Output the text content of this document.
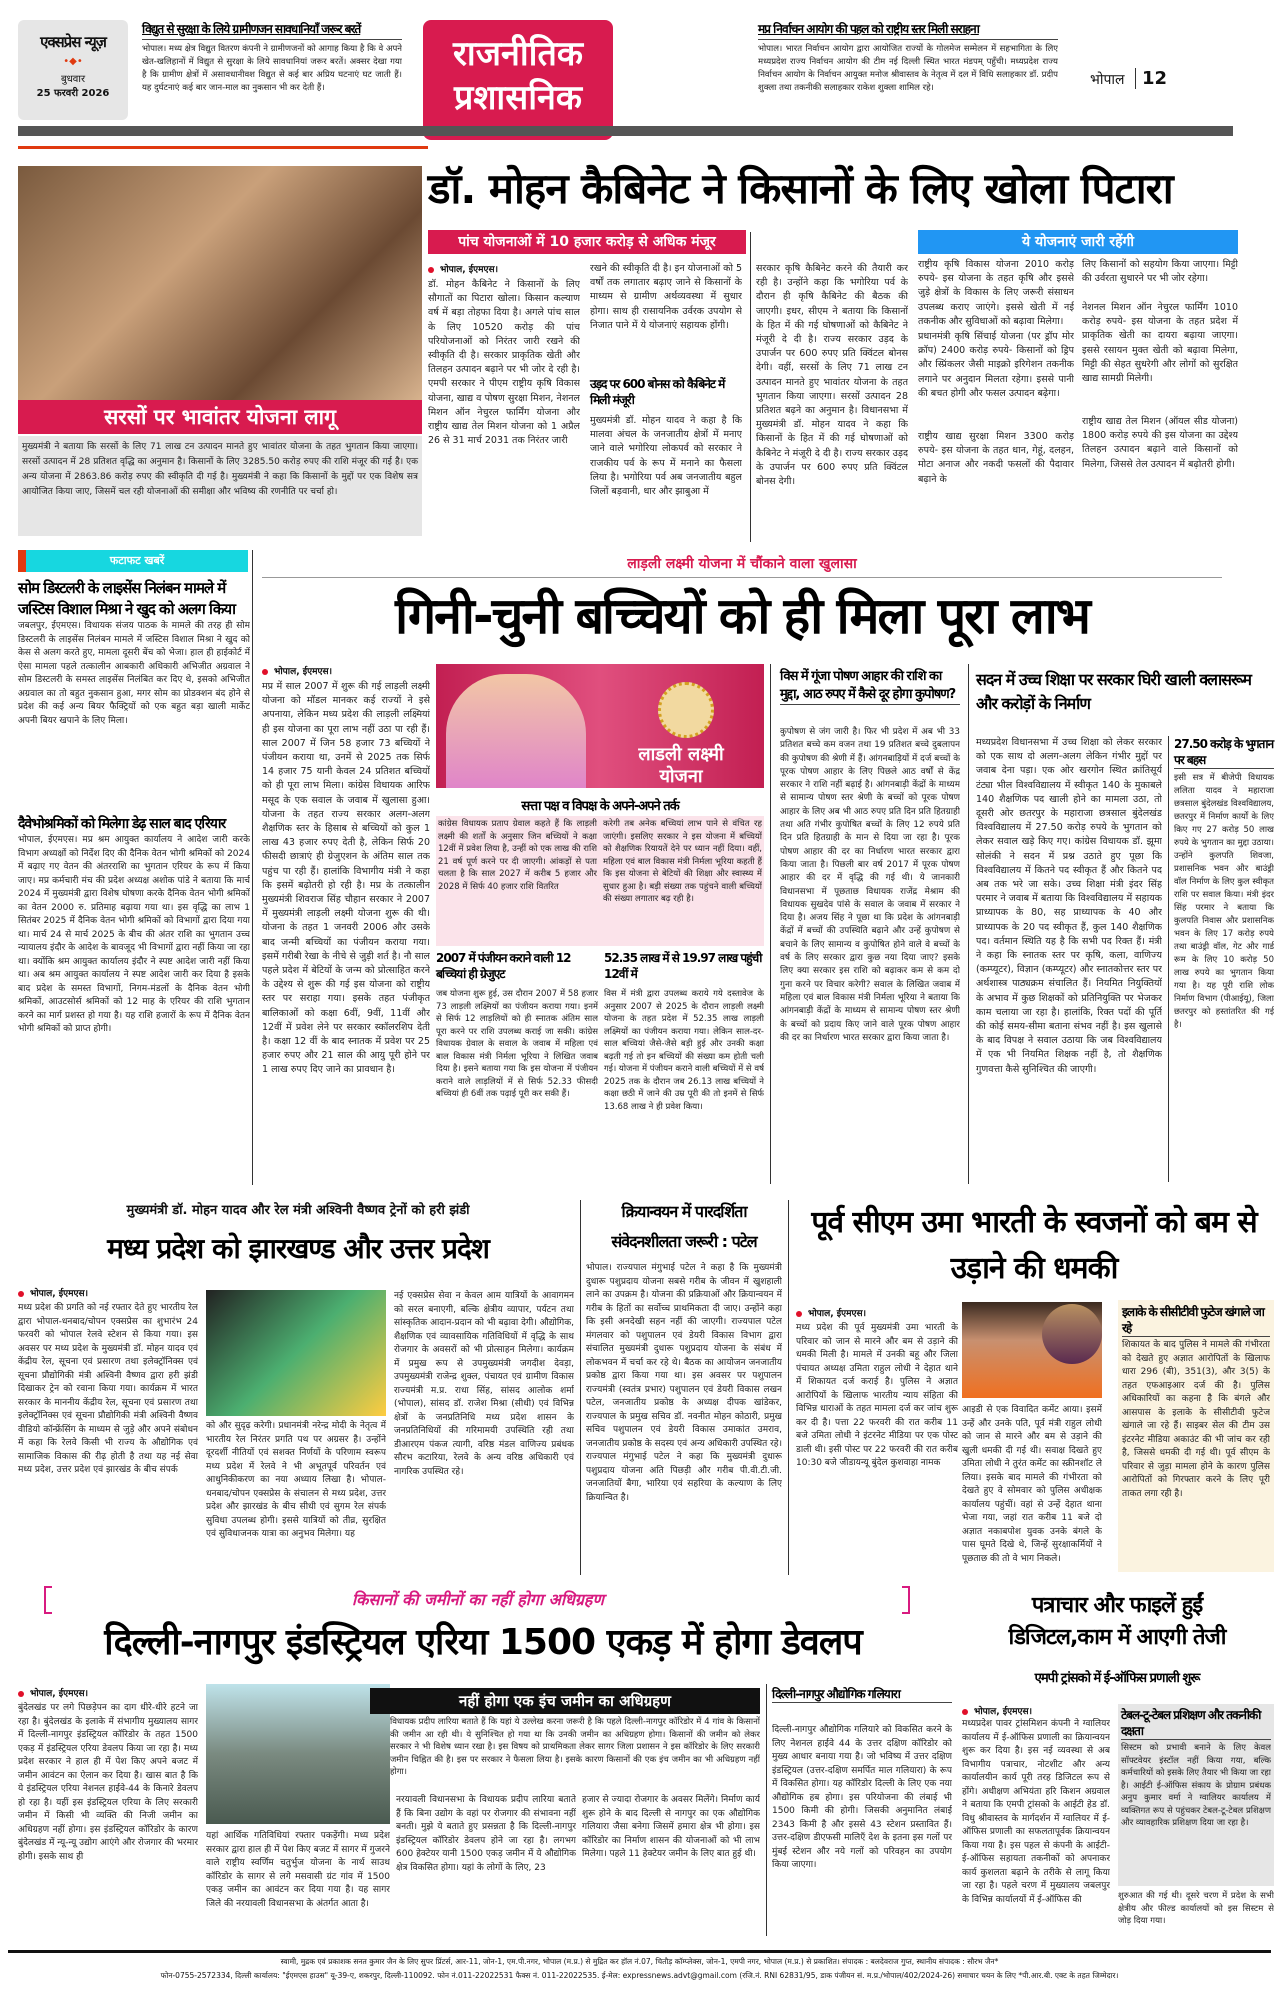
एक्सप्रेस न्यूज़
•◆•
बुधवार
25 फरवरी 2026
विद्युत से सुरक्षा के लिये ग्रामीणजन सावधानियाँ जरूर बरतें
भोपाल। मध्य क्षेत्र विद्युत वितरण कंपनी ने ग्रामीणजनों को आगाह किया है कि वे अपने खेत-खलिहानों में विद्युत से सुरक्षा के लिये सावधानियां जरूर बरतें। अक्सर देखा गया है कि ग्रामीण क्षेत्रों में असावधानीवश विद्युत से कई बार अप्रिय घटनाएं घट जाती हैं। यह दुर्घटनाएं कई बार जान-माल का नुकसान भी कर देती हैं।
राजनीतिक
प्रशासनिक
मप्र निर्वाचन आयोग की पहल को राष्ट्रीय स्तर मिली सराहना
भोपाल। भारत निर्वाचन आयोग द्वारा आयोजित राज्यों के गोलमेज सम्मेलन में सहभागिता के लिए मध्यप्रदेश राज्य निर्वाचन आयोग की टीम नई दिल्ली स्थित भारत मंडपम् पहुँची। मध्यप्रदेश राज्य निर्वाचन आयोग के निर्वाचन आयुक्त मनोज श्रीवास्तव के नेतृत्व में दल में विधि सलाहकार डॉ. प्रदीप शुक्ला तथा तकनीकी सलाहकार राकेश शुक्ला शामिल रहे।	भोपाल 12
सरसों पर भावांतर योजना लागू
मुख्यमंत्री ने बताया कि सरसों के लिए 71 लाख टन उत्पादन मानते हुए भावांतर योजना के तहत भुगतान किया जाएगा। सरसों उत्पादन में 28 प्रतिशत वृद्धि का अनुमान है। किसानों के लिए 3285.50 करोड़ रुपए की राशि मंजूर की गई है। एक अन्य योजना में 2863.86 करोड़ रुपए की स्वीकृति दी गई है। मुख्यमंत्री ने कहा कि किसानों के मुद्दों पर एक विशेष सत्र आयोजित किया जाए, जिसमें चल रही योजनाओं की समीक्षा और भविष्य की रणनीति पर चर्चा हो।
डॉ. मोहन कैबिनेट ने किसानों के लिए खोला पिटारा
पांच योजनाओं में 10 हजार करोड़ से अधिक मंजूर
भोपाल, ईएमएस।
डॉ. मोहन कैबिनेट ने किसानों के लिए सौगातों का पिटारा खोला। किसान कल्याण वर्ष में बड़ा तोहफा दिया है। अगले पांच साल के लिए 10520 करोड़ की पांच परियोजनाओं को निरंतर जारी रखने की स्वीकृति दी है। सरकार प्राकृतिक खेती और तिलहन उत्पादन बढ़ाने पर भी जोर दे रही है। एमपी सरकार ने पीएम राष्ट्रीय कृषि विकास योजना, खाद्य व पोषण सुरक्षा मिशन, नेशनल मिशन ऑन नेचुरल फार्मिंग योजना और राष्ट्रीय खाद्य तेल मिशन योजना को 1 अप्रैल 26 से 31 मार्च 2031 तक निरंतर जारी
रखने की स्वीकृति दी है। इन योजनाओं को 5 वर्षों तक लगातार बढ़ाए जाने से किसानों के माध्यम से ग्रामीण अर्थव्यवस्था में सुधार होगा। साथ ही रासायनिक उर्वरक उपयोग से निजात पाने में ये योजनाएं सहायक होंगी।
उड़द पर 600 बोनस को कैबिनेट में मिली मंजूरी
मुख्यमंत्री डॉ. मोहन यादव ने कहा है कि मालवा अंचल के जनजातीय क्षेत्रों में मनाए जाने वाले भगोरिया लोकपर्व को सरकार ने राजकीय पर्व के रूप में मनाने का फैसला लिया है। भगोरिया पर्व अब जनजातीय बहुल जिलों बड़वानी, धार और झाबुआ में
सरकार कृषि कैबिनेट करने की तैयारी कर रही है। उन्होंने कहा कि भगोरिया पर्व के दौरान ही कृषि कैबिनेट की बैठक की जाएगी। इधर, सीएम ने बताया कि किसानों के हित में की गई घोषणाओं को कैबिनेट ने मंजूरी दे दी है। राज्य सरकार उड़द के उपार्जन पर 600 रुपए प्रति क्विंटल बोनस देगी। वहीं, सरसों के लिए 71 लाख टन उत्पादन मानते हुए भावांतर योजना के तहत भुगतान किया जाएगा। सरसों उत्पादन 28 प्रतिशत बढ़ने का अनुमान है। विधानसभा में मुख्यमंत्री डॉ. मोहन यादव ने कहा कि किसानों के हित में की गई घोषणाओं को कैबिनेट ने मंजूरी दे दी है। राज्य सरकार उड़द के उपार्जन पर 600 रुपए प्रति क्विंटल बोनस देगी।
ये योजनाएं जारी रहेंगी
राष्ट्रीय कृषि विकास योजना 2010 करोड़ रुपये- इस योजना के तहत कृषि और इससे जुड़े क्षेत्रों के विकास के लिए जरूरी संसाधन उपलब्ध कराए जाएंगे। इससे खेती में नई तकनीक और सुविधाओं को बढ़ावा मिलेगा।
प्रधानमंत्री कृषि सिंचाई योजना (पर ड्रॉप मोर क्रॉप) 2400 करोड़ रुपये- किसानों को ड्रिप और स्प्रिंकलर जैसी माइक्रो इरिगेशन तकनीक लगाने पर अनुदान मिलता रहेगा। इससे पानी की बचत होगी और फसल उत्पादन बढ़ेगा।
राष्ट्रीय खाद्य सुरक्षा मिशन 3300 करोड़ रुपये- इस योजना के तहत धान, गेहूं, दलहन, मोटा अनाज और नकदी फसलों की पैदावार बढ़ाने के
लिए किसानों को सहयोग किया जाएगा। मिट्टी की उर्वरता सुधारने पर भी जोर रहेगा।
नेशनल मिशन ऑन नेचुरल फार्मिंग 1010 करोड़ रुपये- इस योजना के तहत प्रदेश में प्राकृतिक खेती का दायरा बढ़ाया जाएगा। इससे रसायन मुक्त खेती को बढ़ावा मिलेगा, मिट्टी की सेहत सुधरेगी और लोगों को सुरक्षित खाद्य सामग्री मिलेगी।
राष्ट्रीय खाद्य तेल मिशन (ऑयल सीड योजना) 1800 करोड़ रुपये की इस योजना का उद्देश्य तिलहन उत्पादन बढ़ाने वाले किसानों को मिलेगा, जिससे तेल उत्पादन में बढ़ोतरी होगी।
फटाफट खबरें
सोम डिस्टलरी के लाइसेंस निलंबन मामले में जस्टिस विशाल मिश्रा ने खुद को अलग किया
जबलपुर, ईएमएस। विधायक संजय पाठक के मामले की तरह ही सोम डिस्टलरी के लाइसेंस निलंबन मामले में जस्टिस विशाल मिश्रा ने खुद को केस से अलग करते हुए, मामला दूसरी बेंच को भेजा। हाल ही हाईकोर्ट में ऐसा मामला पहले तत्कालीन आबकारी अधिकारी अभिजीत अग्रवाल ने सोम डिस्टलरी के समस्त लाइसेंस निलंबित कर दिए थे, इसको अभिजीत अग्रवाल का तो बहुत नुकसान हुआ, मगर सोम का प्रोडक्शन बंद होने से प्रदेश की कई अन्य बियर फैक्ट्रियों को एक बहुत बड़ा खाली मार्केट अपनी बियर खपाने के लिए मिला।
दैवेभोश्रमिकों को मिलेगा डेढ़ साल बाद एरियार
भोपाल, ईएमएस। मप्र श्रम आयुक्त कार्यालय ने आदेश जारी करके विभाग अध्यक्षों को निर्देश दिए की दैनिक वेतन भोगी श्रमिकों को 2024 में बढ़ाए गए वेतन की अंतरराशि का भुगतान एरियर के रूप में किया जाए। मप्र कर्मचारी मंच की प्रदेश अध्यक्ष अशोक पांडे ने बताया कि मार्च 2024 में मुख्यमंत्री द्वारा विशेष घोषणा करके दैनिक वेतन भोगी श्रमिकों का वेतन 2000 रु. प्रतिमाह बढ़ाया गया था। इस वृद्धि का लाभ 1 सितंबर 2025 में दैनिक वेतन भोगी श्रमिकों को विभागों द्वारा दिया गया था। मार्च 24 से मार्च 2025 के बीच की अंतर राशि का भुगतान उच्च न्यायालय इंदौर के आदेश के बावजूद भी विभागों द्वारा नहीं किया जा रहा था। क्योंकि श्रम आयुक्त कार्यालय इंदौर ने स्पष्ट आदेश जारी नहीं किया था। अब श्रम आयुक्त कार्यालय ने स्पष्ट आदेश जारी कर दिया है इसके बाद प्रदेश के समस्त विभागों, निगम-मंडलों के दैनिक वेतन भोगी श्रमिकों, आउटसोर्स श्रमिकों को 12 माह के एरियर की राशि भुगतान करने का मार्ग प्रशस्त हो गया है। यह राशि हजारों के रूप में दैनिक वेतन भोगी श्रमिकों को प्राप्त होगी।
लाड़ली लक्ष्मी योजना में चौंकाने वाला खुलासा
गिनी-चुनी बच्चियों को ही मिला पूरा लाभ
भोपाल, ईएमएस।
मप्र में साल 2007 में शुरू की गई लाड़ली लक्ष्मी योजना को मॉडल मानकर कई राज्यों ने इसे अपनाया, लेकिन मध्य प्रदेश की लाड़ली लक्ष्मियां ही इस योजना का पूरा लाभ नहीं उठा पा रही हैं। साल 2007 में जिन 58 हजार 73 बच्चियों ने पंजीयन कराया था, उनमें से 2025 तक सिर्फ 14 हजार 75 यानी केवल 24 प्रतिशत बच्चियों को ही पूरा लाभ मिला। कांग्रेस विधायक आरिफ मसूद के एक सवाल के जवाब में खुलासा हुआ। योजना के तहत राज्य सरकार अलग-अलग शैक्षणिक स्तर के हिसाब से बच्चियों को कुल 1 लाख 43 हजार रुपए देती है, लेकिन सिर्फ 20 फीसदी छात्राएं ही ग्रेजुएशन के अंतिम साल तक पहुंच पा रही हैं। हालांकि विभागीय मंत्री ने कहा कि इसमें बढ़ोतरी हो रही है। मप्र के तत्कालीन मुख्यमंत्री शिवराज सिंह चौहान सरकार ने 2007 में मुख्यमंत्री लाड़ली लक्ष्मी योजना शुरू की थी। योजना के तहत 1 जनवरी 2006 और उसके बाद जन्मी बच्चियों का पंजीयन कराया गया। इसमें गरीबी रेखा के नीचे से जुड़ी शर्त है। नौ साल पहले प्रदेश में बेटियों के जन्म को प्रोत्साहित करने के उद्देश्य से शुरू की गई इस योजना को राष्ट्रीय स्तर पर सराहा गया। इसके तहत पंजीकृत बालिकाओं को कक्षा 6वीं, 9वीं, 11वीं और 12वीं में प्रवेश लेने पर सरकार स्कॉलरशिप देती है। कक्षा 12 वीं के बाद स्नातक में प्रवेश पर 25 हजार रुपए और 21 साल की आयु पूरी होने पर 1 लाख रुपए दिए जाने का प्रावधान है।
लाडली लक्ष्मी
योजना
सत्ता पक्ष व विपक्ष के अपने-अपने तर्क
कांग्रेस विधायक प्रताप ग्रेवाल कहते हैं कि लाड़ली लक्ष्मी की शर्तों के अनुसार जिन बच्चियों ने कक्षा 12वीं में प्रवेश लिया है, उन्हीं को एक लाख की राशि 21 वर्ष पूर्ण करने पर दी जाएगी। आंकड़ों से पता चलता है कि साल 2027 में करीब 5 हजार और 2028 में सिर्फ 40 हजार राशि वितरित
करेगी तब अनेक बच्चियां लाभ पाने से वंचित रह जाएंगी। इसलिए सरकार ने इस योजना में बच्चियों को शैक्षणिक रियायतें देने पर ध्यान नहीं दिया। वहीं, महिला एवं बाल विकास मंत्री निर्मला भूरिया कहती हैं कि इस योजना से बेटियों की शिक्षा और स्वास्थ्य में सुधार हुआ है। बड़ी संख्या तक पहुंचने वाली बच्चियों की संख्या लगातार बढ़ रही है।
2007 में पंजीयन कराने वाली 12 बच्चियां ही ग्रेजुएट
जब योजना शुरू हुई, उस दौरान 2007 में 58 हजार 73 लाड़ली लक्ष्मियों का पंजीयन कराया गया। इनमें से सिर्फ 12 लाड़लियों को ही स्नातक अंतिम साल पूरा करने पर राशि उपलब्ध कराई जा सकी। कांग्रेस विधायक ग्रेवाल के सवाल के जवाब में महिला एवं बाल विकास मंत्री निर्मला भूरिया ने लिखित जवाब दिया है। इसने बताया गया कि इस योजना में पंजीयन कराने वाले लाड़लियों में से सिर्फ 52.33 फीसदी बच्चियां ही 6वीं तक पढ़ाई पूरी कर सकी हैं।
52.35 लाख में से 19.97 लाख पहुंची 12वीं में
विस में मंत्री द्वारा उपलब्ध कराये गये दस्तावेज के अनुसार 2007 से 2025 के दौरान लाड़ली लक्ष्मी योजना के तहत प्रदेश में 52.35 लाख लाड़ली लक्ष्मियों का पंजीयन कराया गया। लेकिन साल-दर-साल बच्चियां जैसे-जैसे बड़ी हुई और उनकी कक्षा बढ़ती गई तो इन बच्चियों की संख्या कम होती चली गई। योजना में पंजीयन कराने वाली बच्चियों में से वर्ष 2025 तक के दौरान जब 26.13 लाख बच्चियों ने कक्षा छठी में जाने की उम्र पूरी की तो इनमें से सिर्फ 13.68 लाख ने ही प्रवेश किया।
विस में गूंजा पोषण आहार की राशि का मुद्दा, आठ रुपए में कैसे दूर होगा कुपोषण?
कुपोषण से जंग जारी है। फिर भी प्रदेश में अब भी 33 प्रतिशत बच्चे कम वजन तथा 19 प्रतिशत बच्चे दुबलापन की कुपोषण की श्रेणी में हैं। आंगनबाड़ियों में दर्ज बच्चों के पूरक पोषण आहार के लिए पिछले आठ वर्षों से केंद्र सरकार ने राशि नहीं बढ़ाई है। आंगनबाड़ी केंद्रों के माध्यम से सामान्य पोषण स्तर श्रेणी के बच्चों को पूरक पोषण आहार के लिए अब भी आठ रुपए प्रति दिन प्रति हितग्राही तथा अति गंभीर कुपोषित बच्चों के लिए 12 रुपये प्रति दिन प्रति हितग्राही के मान से दिया जा रहा है। पूरक पोषण आहार की दर का निर्धारण भारत सरकार द्वारा किया जाता है। पिछली बार वर्ष 2017 में पूरक पोषण आहार की दर में वृद्धि की गई थी। ये जानकारी विधानसभा में पूछताछ विधायक राजेंद्र मेश्राम की विधायक सुखदेव पांसे के सवाल के जवाब में सरकार ने दिया है। अजय सिंह ने पूछा था कि प्रदेश के आंगनबाड़ी केंद्रों में बच्चों की उपस्थिति बढ़ाने और उन्हें कुपोषण से बचाने के लिए सामान्य व कुपोषित होने वाले वे बच्चों के वर्ष के लिए सरकार द्वारा कुछ नया दिया जाए? इसके लिए क्या सरकार इस राशि को बढ़ाकर कम से कम दो गुना करने पर विचार करेगी? सवाल के लिखित जवाब में महिला एवं बाल विकास मंत्री निर्मला भूरिया ने बताया कि आंगनबाड़ी केंद्रों के माध्यम से सामान्य पोषण स्तर श्रेणी के बच्चों को प्रदाय किए जाने वाले पूरक पोषण आहार की दर का निर्धारण भारत सरकार द्वारा किया जाता है।
सदन में उच्च शिक्षा पर सरकार घिरी खाली क्लासरूम और करोड़ों के निर्माण
मध्यप्रदेश विधानसभा में उच्च शिक्षा को लेकर सरकार को एक साथ दो अलग-अलग लेकिन गंभीर मुद्दों पर जवाब देना पड़ा। एक ओर खरगोन स्थित क्रांतिसूर्य टंट्या भील विश्वविद्यालय में स्वीकृत 140 के मुकाबले 140 शैक्षणिक पद खाली होने का मामला उठा, तो दूसरी ओर छतरपुर के महाराजा छत्रसाल बुंदेलखंड विश्वविद्यालय में 27.50 करोड़ रुपये के भुगतान को लेकर सवाल खड़े किए गए। कांग्रेस विधायक डॉ. झूमा सोलंकी ने सदन में प्रश्न उठाते हुए पूछा कि विश्वविद्यालय में कितने पद स्वीकृत हैं और कितने पद अब तक भरे जा सके। उच्च शिक्षा मंत्री इंदर सिंह परमार ने जवाब में बताया कि विश्वविद्यालय में सहायक प्राध्यापक के 80, सह प्राध्यापक के 40 और प्राध्यापक के 20 पद स्वीकृत हैं, कुल 140 शैक्षणिक पद। वर्तमान स्थिति यह है कि सभी पद रिक्त हैं। मंत्री ने कहा कि स्नातक स्तर पर कृषि, कला, वाणिज्य (कम्प्यूटर), विज्ञान (कम्प्यूटर) और स्नातकोत्तर स्तर पर अर्थशास्त्र पाठ्यक्रम संचालित हैं। नियमित नियुक्तियों के अभाव में कुछ शिक्षकों को प्रतिनियुक्ति पर भेजकर काम चलाया जा रहा है। हालांकि, रिक्त पदों की पूर्ति की कोई समय-सीमा बताना संभव नहीं है। इस खुलासे के बाद विपक्ष ने सवाल उठाया कि जब विश्वविद्यालय में एक भी नियमित शिक्षक नहीं है, तो शैक्षणिक गुणवत्ता कैसे सुनिश्चित की जाएगी।
27.50 करोड़ के भुगतान पर बहस
इसी सत्र में बीजेपी विधायक ललिता यादव ने महाराजा छत्रसाल बुंदेलखंड विश्वविद्यालय, छतरपुर में निर्माण कार्यों के लिए किए गए 27 करोड़ 50 लाख रुपये के भुगतान का मुद्दा उठाया। उन्होंने कुलपति शिवजा, प्रशासनिक भवन और बाउंड्री वॉल निर्माण के लिए कुल स्वीकृत राशि पर सवाल किया। मंत्री इंदर सिंह परमार ने बताया कि कुलपति निवास और प्रशासनिक भवन के लिए 17 करोड़ रुपये तथा बाउंड्री वॉल, गेट और गार्ड रूम के लिए 10 करोड़ 50 लाख रुपये का भुगतान किया गया है। यह पूरी राशि लोक निर्माण विभाग (पीआईयू), जिला छतरपुर को हस्तांतरित की गई है।
मुख्यमंत्री डॉ. मोहन यादव और रेल मंत्री अश्विनी वैष्णव ट्रेनों को हरी झंडी
मध्य प्रदेश को झारखण्ड और उत्तर प्रदेश
भोपाल, ईएमएस।
मध्य प्रदेश की प्रगति को नई रफ्तार देते हुए भारतीय रेल द्वारा भोपाल-धनबाद/चोपन एक्सप्रेस का शुभारंभ 24 फरवरी को भोपाल रेलवे स्टेशन से किया गया। इस अवसर पर मध्य प्रदेश के मुख्यमंत्री डॉ. मोहन यादव एवं केंद्रीय रेल, सूचना एवं प्रसारण तथा इलेक्ट्रॉनिक्स एवं सूचना प्रौद्योगिकी मंत्री अश्विनी वैष्णव द्वारा हरी झंडी दिखाकर ट्रेन को रवाना किया गया। कार्यक्रम में भारत सरकार के माननीय केंद्रीय रेल, सूचना एवं प्रसारण तथा इलेक्ट्रॉनिक्स एवं सूचना प्रौद्योगिकी मंत्री अश्विनी वैष्णव वीडियो कॉन्फ्रेंसिंग के माध्यम से जुड़े और अपने संबोधन में कहा कि रेलवे किसी भी राज्य के औद्योगिक एवं सामाजिक विकास की रीढ़ होती है तथा यह नई सेवा मध्य प्रदेश, उत्तर प्रदेश एवं झारखंड के बीच संपर्क
को और सुदृढ़ करेगी। प्रधानमंत्री नरेन्द्र मोदी के नेतृत्व में भारतीय रेल निरंतर प्रगति पथ पर अग्रसर है। उन्होंने दूरदर्शी नीतियों एवं सशक्त निर्णयों के परिणाम स्वरूप मध्य प्रदेश में रेलवे ने भी अभूतपूर्व परिवर्तन एवं आधुनिकीकरण का नया अध्याय लिखा है। भोपाल-धनबाद/चोपन एक्सप्रेस के संचालन से मध्य प्रदेश, उत्तर प्रदेश और झारखंड के बीच सीधी एवं सुगम रेल संपर्क सुविधा उपलब्ध होगी। इससे यात्रियों को तीव्र, सुरक्षित एवं सुविधाजनक यात्रा का अनुभव मिलेगा। यह
नई एक्सप्रेस सेवा न केवल आम यात्रियों के आवागमन को सरल बनाएगी, बल्कि क्षेत्रीय व्यापार, पर्यटन तथा सांस्कृतिक आदान-प्रदान को भी बढ़ावा देगी। औद्योगिक, शैक्षणिक एवं व्यावसायिक गतिविधियों में वृद्धि के साथ रोजगार के अवसरों को भी प्रोत्साहन मिलेगा। कार्यक्रम में प्रमुख रूप से उपमुख्यमंत्री जगदीश देवड़ा, उपमुख्यमंत्री राजेन्द्र शुक्ल, पंचायत एवं ग्रामीण विकास राज्यमंत्री म.प्र. राधा सिंह, सांसद आलोक शर्मा (भोपाल), सांसद डॉ. राजेश मिश्रा (सीधी) एवं विभिन्न क्षेत्रों के जनप्रतिनिधि मध्य प्रदेश शासन के जनप्रतिनिधियों की गरिमामयी उपस्थिति रही तथा डीआरएम पंकज त्यागी, वरिष्ठ मंडल वाणिज्य प्रबंधक सौरभ कटारिया, रेलवे के अन्य वरिष्ठ अधिकारी एवं नागरिक उपस्थित रहे।
क्रियान्वयन में पारदर्शिता
संवेदनशीलता जरूरी : पटेल
भोपाल। राज्यपाल मंगुभाई पटेल ने कहा है कि मुख्यमंत्री दुधारू पशुप्रदाय योजना सबसे गरीब के जीवन में खुशहाली लाने का उपक्रम है। योजना की प्रक्रियाओं और क्रियान्वयन में गरीब के हितों का सर्वोच्च प्राथमिकता दी जाए। उन्होंने कहा कि इसी अनदेखी सहन नहीं की जाएगी। राज्यपाल पटेल मंगलवार को पशुपालन एवं डेयरी विकास विभाग द्वारा संचालित मुख्यमंत्री दुधारू पशुप्रदाय योजना के संबंध में लोकभवन में चर्चा कर रहे थे। बैठक का आयोजन जनजातीय प्रकोष्ठ द्वारा किया गया था। इस अवसर पर पशुपालन राज्यमंत्री (स्वतंत्र प्रभार) पशुपालन एवं डेयरी विकास लखन पटेल, जनजातीय प्रकोष्ठ के अध्यक्ष दीपक खांडेकर, राज्यपाल के प्रमुख सचिव डॉ. नवनीत मोहन कोठारी, प्रमुख सचिव पशुपालन एवं डेयरी विकास उमाकांत उमराव, जनजातीय प्रकोष्ठ के सदस्य एवं अन्य अधिकारी उपस्थित रहे। राज्यपाल मंगुभाई पटेल ने कहा कि मुख्यमंत्री दुधारू पशुप्रदाय योजना अति पिछड़ी और गरीब पी.वी.टी.जी. जनजातियों बैगा, भारिया एवं सहरिया के कल्याण के लिए क्रियान्वित है।
पूर्व सीएम उमा भारती के स्वजनों को बम से उड़ाने की धमकी
भोपाल, ईएमएस।
मध्य प्रदेश की पूर्व मुख्यमंत्री उमा भारती के परिवार को जान से मारने और बम से उड़ाने की धमकी मिली है। मामले में उनकी बहू और जिला पंचायत अध्यक्ष उमिता राहुल लोधी ने देहात थाने में शिकायत दर्ज कराई है। पुलिस ने अज्ञात आरोपियों के खिलाफ भारतीय न्याय संहिता की विभिन्न धाराओं के तहत मामला दर्ज कर जांच शुरू कर दी है। पत्ता 22 फरवरी की रात करीब 11 बजे उमिता लोधी ने इंटरनेट मीडिया पर एक पोस्ट डाली थी। इसी पोस्ट पर 22 फरवरी की रात करीब 10:30 बजे जीडायन्यू बुंदेल कुशवाहा नामक
आइडी से एक विवादित कमेंट आया। इसमें उन्हें और उनके पति, पूर्व मंत्री राहुल लोधी को जान से मारने और बम से उड़ाने की खुली धमकी दी गई थी। सवाक्ष दिखते हुए उमिता लोधी ने तुरंत कमेंट का स्क्रीनशॉट ले लिया। इसके बाद मामले की गंभीरता को देखते हुए वे सोमवार को पुलिस अधीक्षक कार्यालय पहुंचीं। वहां से उन्हें देहात थाना भेजा गया, जहां रात करीब 11 बजे दो अज्ञात नकाबपोश युवक उनके बंगले के पास घूमते दिखे थे, जिन्हें सुरक्षाकर्मियों ने पूछताछ की तो वे भाग निकले।
इलाके के सीसीटीवी फुटेज खंगाले जा रहे
शिकायत के बाद पुलिस ने मामले की गंभीरता को देखते हुए अज्ञात आरोपितों के खिलाफ धारा 296 (बी), 351(3), और 3(5) के तहत एफआइआर दर्ज की है। पुलिस अधिकारियों का कहना है कि बंगले और आसपास के इलाके के सीसीटीवी फुटेज खंगाले जा रहे हैं। साइबर सेल की टीम उस इंटरनेट मीडिया अकाउंट की भी जांच कर रही है, जिससे धमकी दी गई थी। पूर्व सीएम के परिवार से जुड़ा मामला होने के कारण पुलिस आरोपितों को गिरफ्तार करने के लिए पूरी ताकत लगा रही है।
किसानों की जमीनों का नहीं होगा अधिग्रहण
दिल्ली-नागपुर इंडस्ट्रियल एरिया 1500 एकड़ में होगा डेवलप
भोपाल, ईएमएस।
बुंदेलखंड पर लगे पिछड़ेपन का दाग धीरे-धीरे हटने जा रहा है। बुंदेलखंड के इलाके में संभागीय मुख्यालय सागर में दिल्ली-नागपुर इंडस्ट्रियल कॉरिडोर के तहत 1500 एकड़ में इंडस्ट्रियल एरिया डेवलप किया जा रहा है। मध्य प्रदेश सरकार ने हाल ही में पेश किए अपने बजट में जमीन आवंटन का ऐलान कर दिया है। खास बात है कि ये इंडस्ट्रियल एरिया नेशनल हाईवे-44 के किनारे डेवलप हो रहा है। यहीं इस इंडस्ट्रियल एरिया के लिए सरकारी जमीन में किसी भी व्यक्ति की निजी जमीन का अधिग्रहण नहीं होगा। इस इंडस्ट्रियल कॉरिडोर के कारण बुंदेलखंड में न्यू-न्यू उद्योग आएंगे और रोजगार की भरमार होगी। इसके साथ ही
नहीं होगा एक इंच जमीन का अधिग्रहण
विधायक प्रदीप लारिया बताते हैं कि यहां ये उल्लेख करना जरूरी है कि पहले दिल्ली-नागपुर कॉरिडोर में 4 गांव के किसानों की जमीन आ रही थी। ये सुनिश्चित हो गया था कि उनकी जमीन का अधिग्रहण होगा। किसानों की जमीन को लेकर सरकार ने भी विशेष ध्यान रखा है। इस विषय को प्राथमिकता लेकर सागर जिला प्रशासन ने इस कॉरिडोर के लिए सरकारी जमीन चिह्नित की है। इस पर सरकार ने फैसला लिया है। इसके कारण किसानों की एक इंच जमीन का भी अधिग्रहण नहीं होगा।
यहां आर्थिक गतिविधियां रफ्तार पकड़ेंगी। मध्य प्रदेश सरकार द्वारा हाल ही में पेश किए बजट में सागर में गुजरने वाले राष्ट्रीय स्वर्णिम चतुर्भुज योजना के नार्थ साउथ कॉरिडोर के सागर से लगे मसवासी ग्रंट गांव में 1500 एकड़ जमीन का आवंटन कर दिया गया है। यह सागर जिले की नरयावली विधानसभा के अंतर्गत आता है।
नरयावली विधानसभा के विधायक प्रदीप लारिया बताते हैं कि बिना उद्योग के वहां पर रोजगार की संभावना नहीं बनती। मुझे ये बताते हुए प्रसन्नता है कि दिल्ली-नागपुर इंडस्ट्रियल कॉरिडोर डेवलप होने जा रहा है। लगभग 600 हेक्टेयर यानी 1500 एकड़ जमीन में ये औद्योगिक क्षेत्र विकसित होगा। यहां के लोगों के लिए, 23
हजार से ज्यादा रोजगार के अवसर मिलेंगे। निर्माण कार्य शुरू होने के बाद दिल्ली से नागपुर का एक औद्योगिक गलियारा जैसा बनेगा जिसमें हमारा क्षेत्र भी होगा। इस कॉरिडोर का निर्माण शासन की योजनाओं को भी लाभ मिलेगा। पहले 11 हेक्टेयर जमीन के लिए बात हुई थी।
दिल्ली-नागपुर औद्योगिक गलियारा
दिल्ली-नागपुर औद्योगिक गलियारे को विकसित करने के लिए नेशनल हाईवे 44 के उत्तर दक्षिण कॉरिडोर को मुख्य आधार बनाया गया है। जो भविष्य में उत्तर दक्षिण इंडस्ट्रियल (उत्तर-दक्षिण समर्पित माल गलियारा) के रूप में विकसित होगा। यह कॉरिडोर दिल्ली के लिए एक नया औद्योगिक हब होगा। इस परियोजना की लंबाई भी 1500 किमी की होगी। जिसकी अनुमानित लंबाई 2343 किमी है और इससे 43 स्टेशन प्रस्तावित हैं। उत्तर-दक्षिण डीएफसी मालिएँ देश के इतना इस गलों पर मुंबई स्टेशन और नये गलों को परिवहन का उपयोग किया जाएगा।
पत्राचार और फाइलें हुईं
डिजिटल,काम में आएगी तेजी
एमपी ट्रांसको में ई-ऑफिस प्रणाली शुरू
भोपाल, ईएमएस।
मध्यप्रदेश पावर ट्रांसमिशन कंपनी ने ग्वालियर कार्यालय में ई-ऑफिस प्रणाली का क्रियान्वयन शुरू कर दिया है। इस नई व्यवस्था से अब विभागीय पत्राचार, नोटशीट और अन्य कार्यालयीन कार्य पूरी तरह डिजिटल रूप से होंगे। अधीक्षण अभियंता हरि किशन अग्रवाल ने बताया कि एमपी ट्रांसको के आईटी हेड डॉ. विधु श्रीवास्तव के मार्गदर्शन में ग्वालियर में ई-ऑफिस प्रणाली का सफलतापूर्वक क्रियान्वयन किया गया है। इस पहल से कंपनी के आईटी-ई-ऑफिस सहायता तकनीकों को अपनाकर कार्य कुशलता बढ़ाने के तरीके से लागू किया जा रहा है। पहले चरण में मुख्यालय जबलपुर के विभिन्न कार्यालयों में ई-ऑफिस की
टेबल-टू-टेबल प्रशिक्षण और तकनीकी दक्षता
सिस्टम को प्रभावी बनाने के लिए केवल सॉफ्टवेयर इंस्टॉल नहीं किया गया, बल्कि कर्मचारियों को इसके लिए तैयार भी किया जा रहा है। आईटी ई-ऑफिस संकाय के प्रोग्राम प्रबंधक अनुप कुमार वर्मा ने ग्वालियर कार्यालय में व्यक्तिगत रूप से पहुंचकर टेबल-टू-टेबल प्रशिक्षण और व्यावहारिक प्रशिक्षण दिया जा रहा है।
शुरुआत की गई थी। दूसरे चरण में प्रदेश के सभी क्षेत्रीय और फील्ड कार्यालयों को इस सिस्टम से जोड़ दिया गया।
स्वामी, मुद्रक एवं प्रकाशक सनत कुमार जैन के लिए सुपर प्रिंटर्स, आर-11, जोन-1, एम.पी.नगर, भोपाल (म.प्र.) से मुद्रित कर हॉल नं.07, चितौड़ कॉम्प्लेक्स, जोन-1, एमपी नगर, भोपाल (म.प्र.) से प्रकाशित। संपादक : बलदेवराज गुप्त, स्थानीय संपादक : सौरभ जैन*
फोन-0755-2572334, दिल्ली कार्यालय: "ईएमएस हाउस" यू-39-ए, शकरपुर, दिल्ली-110092. फोन नं.011-22022531 फैक्स नं. 011-22022535. ई-मेल: expressnews.advt@gmail.com (रजि.नं. RNI 62831/95, डाक पंजीयन सं. म.प्र./भोपाल/402/2024-26) समाचार चयन के लिए *पी.आर.बी. एक्ट के तहत जिम्मेदार।
